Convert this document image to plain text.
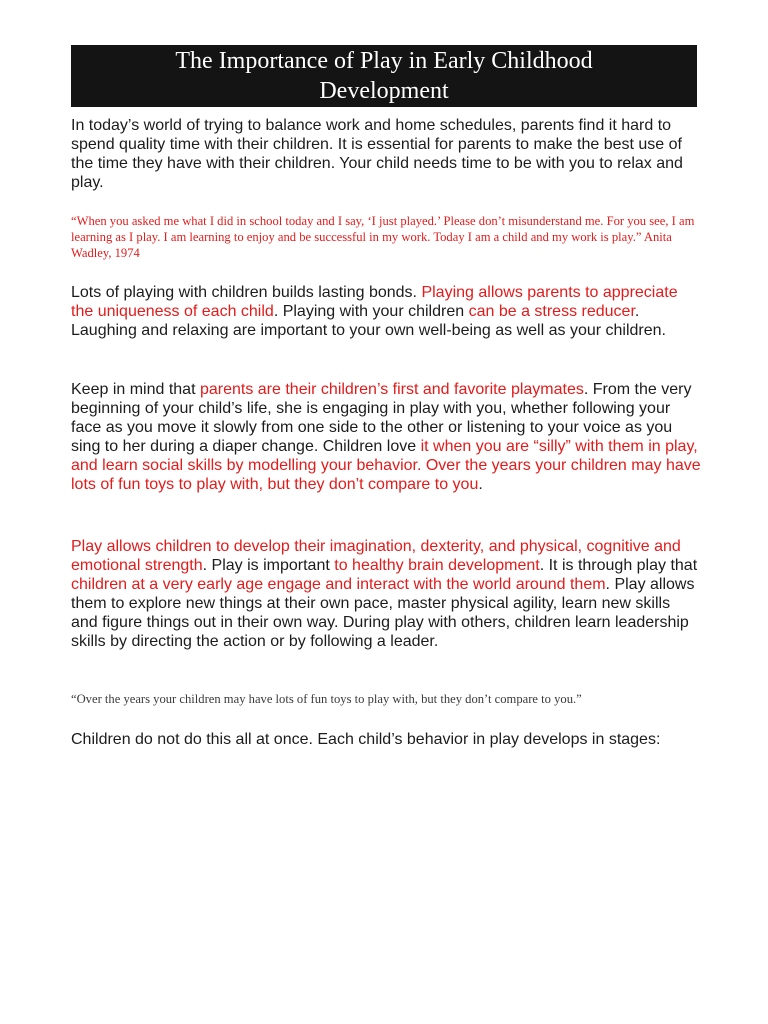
The Importance of Play in Early Childhood Development

In today’s world of trying to balance work and home schedules, parents find it hard to spend quality time with their children. It is essential for parents to make the best use of the time they have with their children. Your child needs time to be with you to relax and play.

“When you asked me what I did in school today and I say, ‘I just played.’ Please don’t misunderstand me. For you see, I am learning as I play. I am learning to enjoy and be successful in my work. Today I am a child and my work is play.” Anita Wadley, 1974

Lots of playing with children builds lasting bonds. Playing allows parents to appreciate the uniqueness of each child. Playing with your children can be a stress reducer. Laughing and relaxing are important to your own well-being as well as your children.

Keep in mind that parents are their children’s first and favorite playmates. From the very beginning of your child’s life, she is engaging in play with you, whether following your face as you move it slowly from one side to the other or listening to your voice as you sing to her during a diaper change. Children love it when you are “silly” with them in play, and learn social skills by modelling your behavior. Over the years your children may have lots of fun toys to play with, but they don’t compare to you.

Play allows children to develop their imagination, dexterity, and physical, cognitive and emotional strength. Play is important to healthy brain development. It is through play that children at a very early age engage and interact with the world around them. Play allows them to explore new things at their own pace, master physical agility, learn new skills and figure things out in their own way. During play with others, children learn leadership skills by directing the action or by following a leader.

“Over the years your children may have lots of fun toys to play with, but they don’t compare to you.”

Children do not do this all at once. Each child’s behavior in play develops in stages:
